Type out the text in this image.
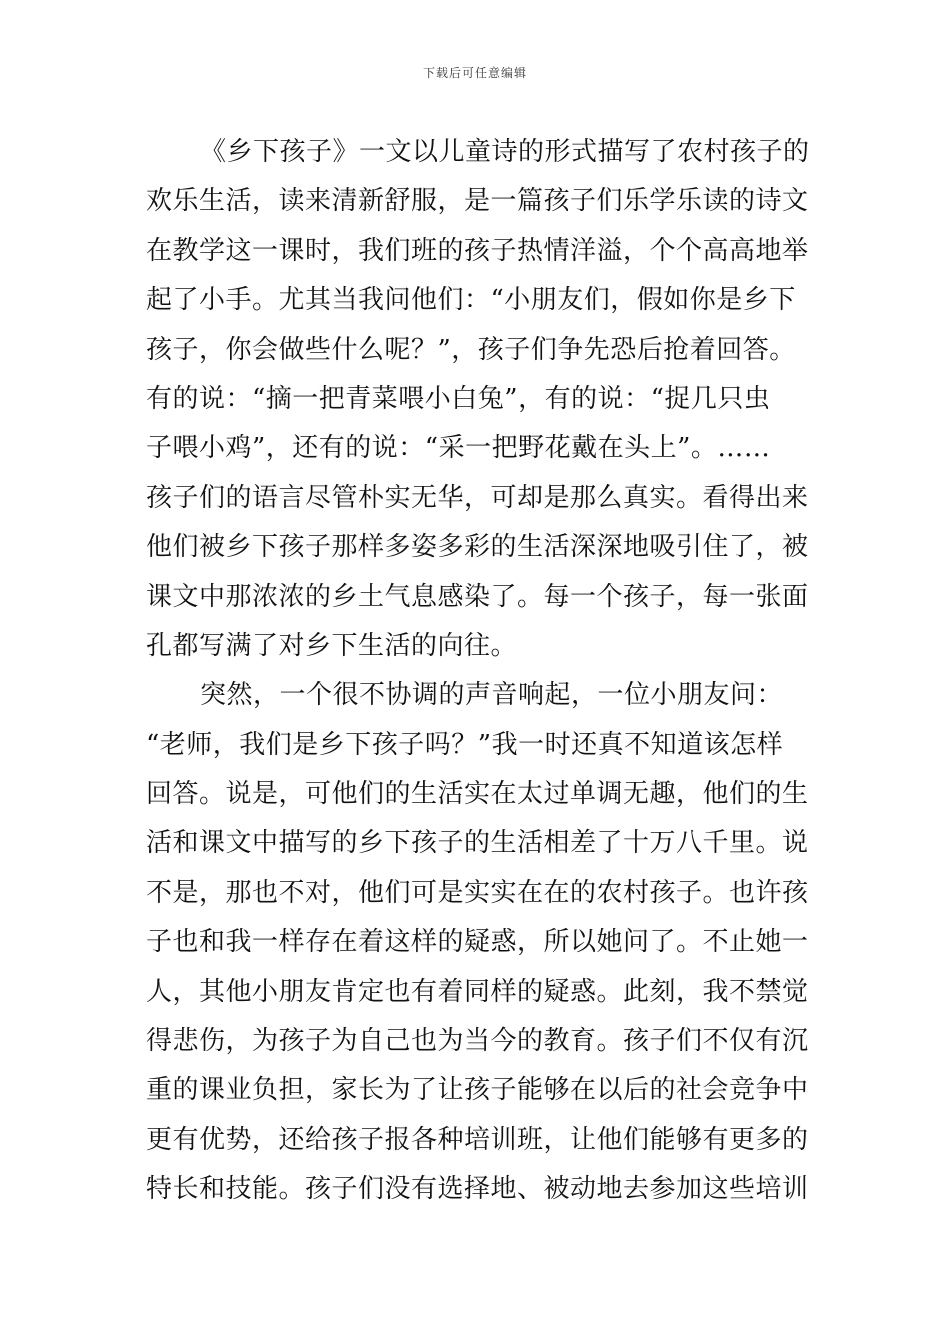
下载后可任意编辑
《乡下孩子》一文以儿童诗的形式描写了农村孩子的
欢乐生活，读来清新舒服，是一篇孩子们乐学乐读的诗文
在教学这一课时，我们班的孩子热情洋溢，个个高高地举
起了小手。尤其当我问他们：“小朋友们，假如你是乡下
孩子，你会做些什么呢？”，孩子们争先恐后抢着回答。
有的说：“摘一把青菜喂小白兔”，有的说：“捉几只虫
子喂小鸡”，还有的说：“采一把野花戴在头上”。……
孩子们的语言尽管朴实无华，可却是那么真实。看得出来
他们被乡下孩子那样多姿多彩的生活深深地吸引住了，被
课文中那浓浓的乡土气息感染了。每一个孩子，每一张面
孔都写满了对乡下生活的向往。
突然，一个很不协调的声音响起，一位小朋友问：
“老师，我们是乡下孩子吗？”我一时还真不知道该怎样
回答。说是，可他们的生活实在太过单调无趣，他们的生
活和课文中描写的乡下孩子的生活相差了十万八千里。说
不是，那也不对，他们可是实实在在的农村孩子。也许孩
子也和我一样存在着这样的疑惑，所以她问了。不止她一
人，其他小朋友肯定也有着同样的疑惑。此刻，我不禁觉
得悲伤，为孩子为自己也为当今的教育。孩子们不仅有沉
重的课业负担，家长为了让孩子能够在以后的社会竞争中
更有优势，还给孩子报各种培训班，让他们能够有更多的
特长和技能。孩子们没有选择地、被动地去参加这些培训
